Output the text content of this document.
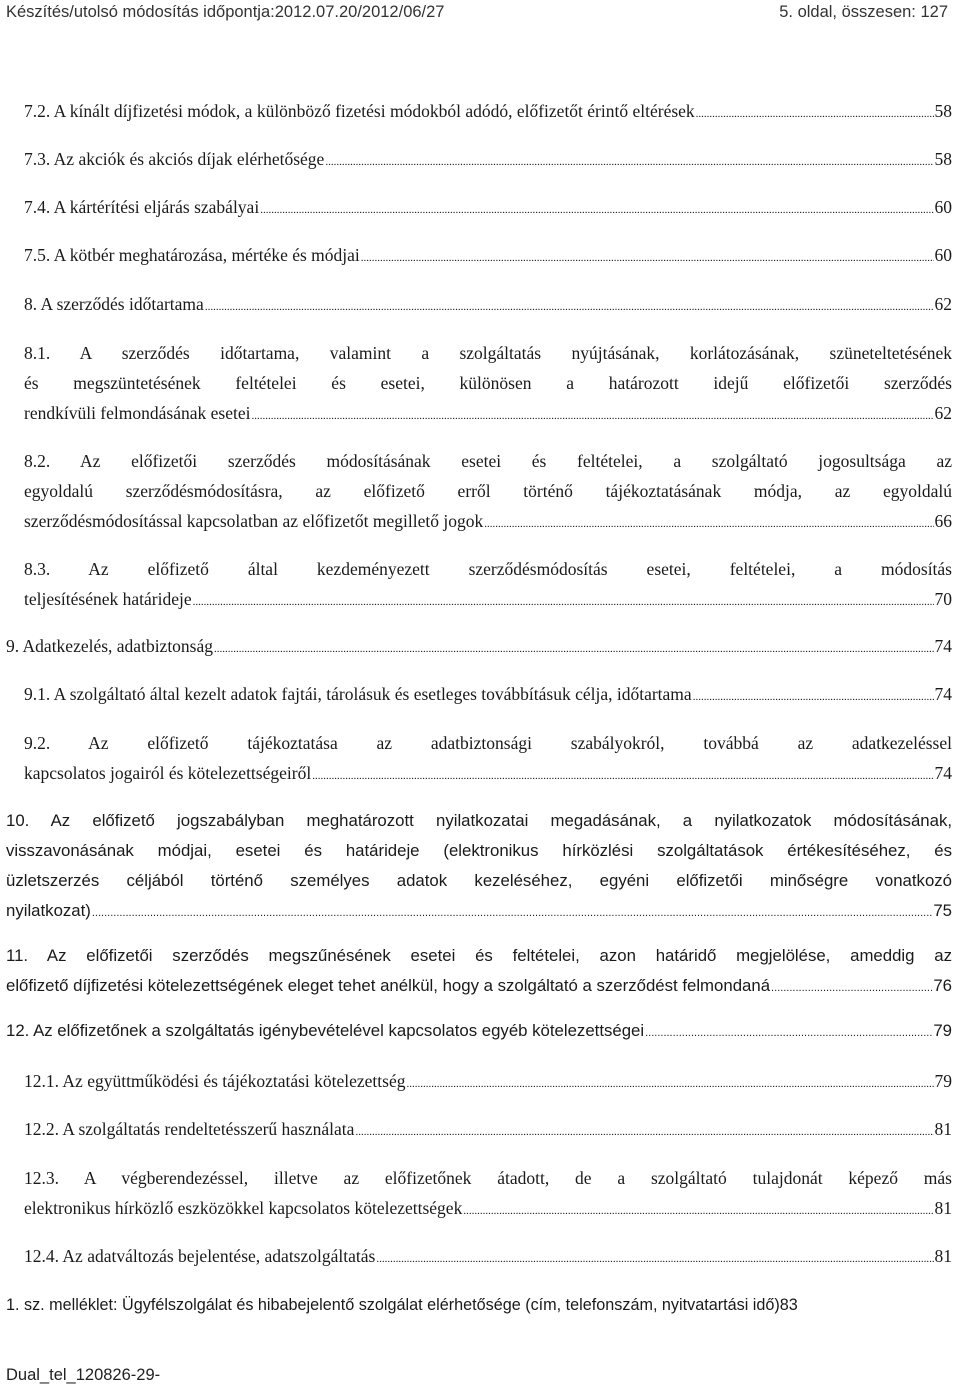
Készítés/utolsó módosítás időpontja:2012.07.20/2012/06/27	5. oldal, összesen: 127
7.2. A kínált díjfizetési módok, a különböző fizetési módokból adódó, előfizetőt érintő eltérések .....	58
7.3. Az akciók és akciós díjak elérhetősége .....	58
7.4. A kártérítési eljárás szabályai .....	60
7.5. A kötbér meghatározása, mértéke és módjai .....	60
8. A szerződés időtartama .....	62
8.1. A szerződés időtartama, valamint a szolgáltatás nyújtásának, korlátozásának, szüneteltetésének
és megszüntetésének feltételei és esetei, különösen a határozott idejű előfizetői szerződés
rendkívüli felmondásának esetei .....	62
8.2. Az előfizetői szerződés módosításának esetei és feltételei, a szolgáltató jogosultsága az
egyoldalú szerződésmódosításra, az előfizető erről történő tájékoztatásának módja, az egyoldalú
szerződésmódosítással kapcsolatban az előfizetőt megillető jogok .....	66
8.3. Az előfizető által kezdeményezett szerződésmódosítás esetei, feltételei, a módosítás
teljesítésének határideje .....	70
9. Adatkezelés, adatbiztonság .....	74
9.1. A szolgáltató által kezelt adatok fajtái, tárolásuk és esetleges továbbításuk célja, időtartama .....	74
9.2. Az előfizető tájékoztatása az adatbiztonsági szabályokról, továbbá az adatkezeléssel
kapcsolatos jogairól és kötelezettségeiről .....	74
10. Az előfizető jogszabályban meghatározott nyilatkozatai megadásának, a nyilatkozatok módosításának,
visszavonásának módjai, esetei és határideje (elektronikus hírközlési szolgáltatások értékesítéséhez, és
üzletszerzés céljából történő személyes adatok kezeléséhez, egyéni előfizetői minőségre vonatkozó
nyilatkozat) .....	75
11. Az előfizetői szerződés megszűnésének esetei és feltételei, azon határidő megjelölése, ameddig az
előfizető díjfizetési kötelezettségének eleget tehet anélkül, hogy a szolgáltató a szerződést felmondaná .....	76
12. Az előfizetőnek a szolgáltatás igénybevételével kapcsolatos egyéb kötelezettségei .....	79
12.1. Az együttműködési és tájékoztatási kötelezettség .....	79
12.2. A szolgáltatás rendeltetésszerű használata .....	81
12.3. A végberendezéssel, illetve az előfizetőnek átadott, de a szolgáltató tulajdonát képező más
elektronikus hírközlő eszközökkel kapcsolatos kötelezettségek .....	81
12.4. Az adatváltozás bejelentése, adatszolgáltatás .....	81
1. sz. melléklet: Ügyfélszolgálat és hibabejelentő szolgálat elérhetősége (cím, telefonszám, nyitvatartási idő) 83
Dual_tel_120826-29-
